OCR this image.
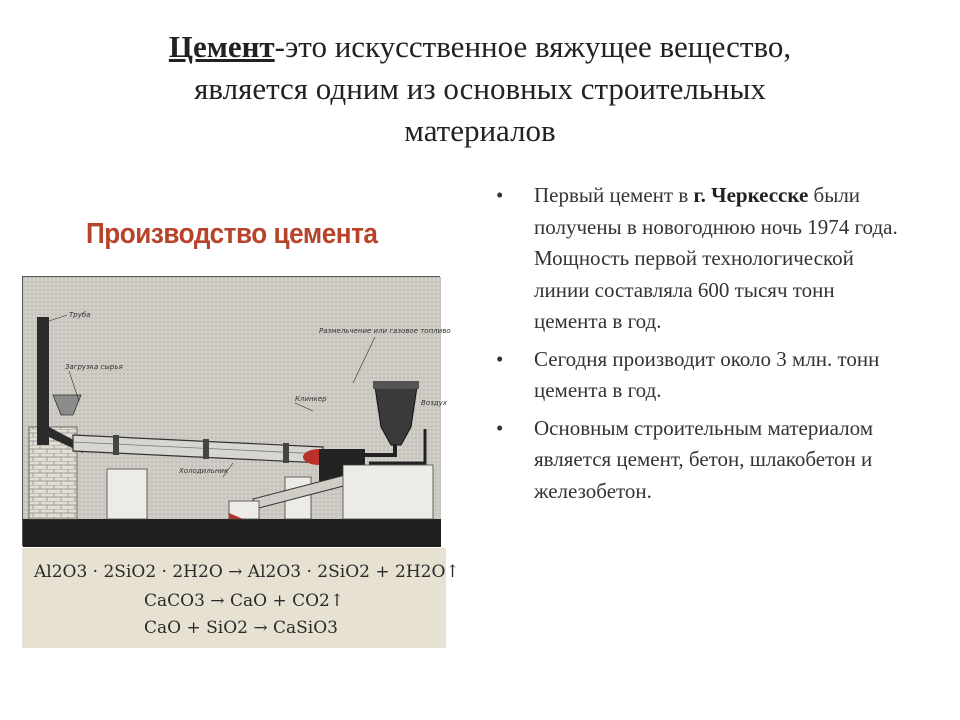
Цемент-это искусственное вяжущее вещество,
является одним из основных строительных
материалов
Производство цемента
Труба
Загрузка сырья
Размельчение или газовое топливо
Клинкер
Холодильник
Воздух
Al2O3 · 2SiO2 · 2H2O → Al2O3 · 2SiO2 + 2H2O↑
CaCO3 → CaO + CO2↑
CaO + SiO2 → CaSiO3
• Первый цемент в г. Черкесске были получены в новогоднюю ночь 1974 года. Мощность первой технологической линии составляла 600 тысяч тонн цемента в год.
• Сегодня производит около 3 млн. тонн цемента в год.
• Основным строительным материалом является цемент, бетон, шлакобетон и железобетон.
